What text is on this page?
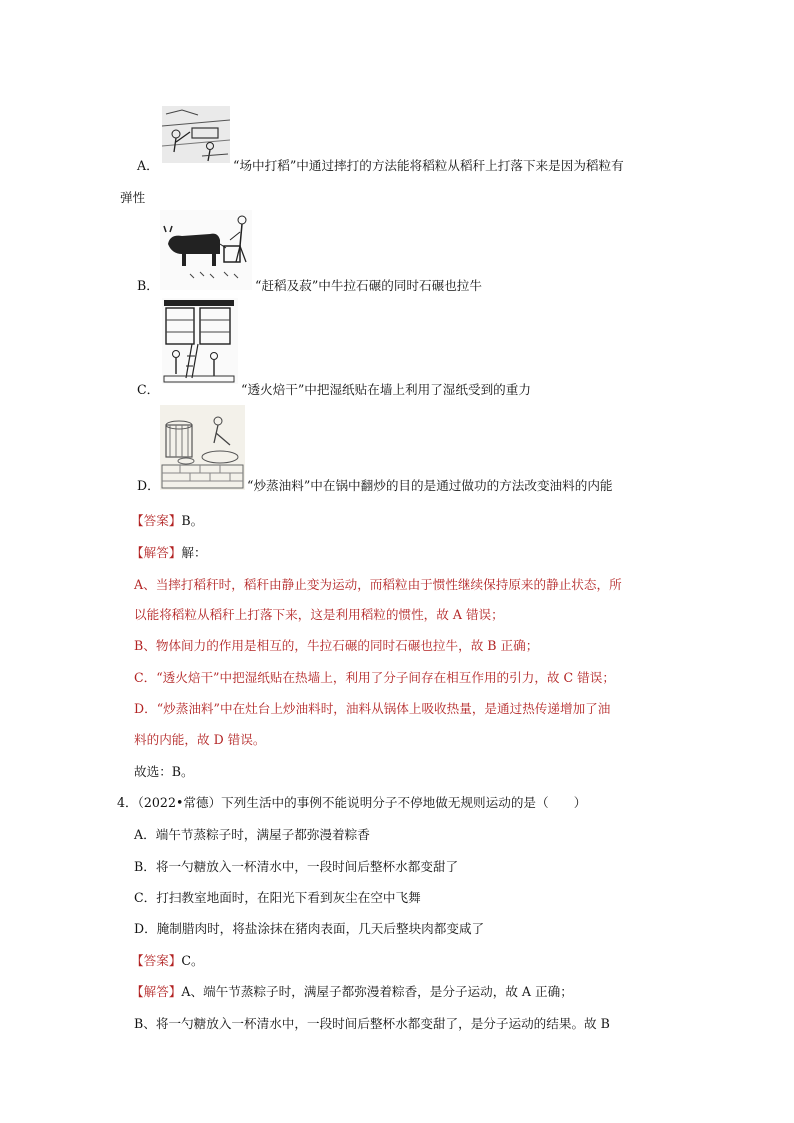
A．	“场中打稻”中通过摔打的方法能将稻粒从稻秆上打落下来是因为稻粒有
弹性
B．	“赶稻及菽”中牛拉石碾的同时石碾也拉牛
C．	“透火焙干”中把湿纸贴在墙上利用了湿纸受到的重力
D．	“炒蒸油料”中在锅中翻炒的目的是通过做功的方法改变油料的内能
【答案】B。
【解答】解：
A、当摔打稻秆时，稻秆由静止变为运动，而稻粒由于惯性继续保持原来的静止状态，所
以能将稻粒从稻秆上打落下来，这是利用稻粒的惯性，故 A 错误；
B、物体间力的作用是相互的，牛拉石碾的同时石碾也拉牛，故 B 正确；
C．“透火焙干”中把湿纸贴在热墙上，利用了分子间存在相互作用的引力，故 C 错误；
D．“炒蒸油料”中在灶台上炒油料时，油料从锅体上吸收热量，是通过热传递增加了油
料的内能，故 D 错误。
故选：B。
4．（2022•常德）下列生活中的事例不能说明分子不停地做无规则运动的是（　　）
A．端午节蒸粽子时，满屋子都弥漫着粽香
B．将一勺糖放入一杯清水中，一段时间后整杯水都变甜了
C．打扫教室地面时，在阳光下看到灰尘在空中飞舞
D．腌制腊肉时，将盐涂抹在猪肉表面，几天后整块肉都变咸了
【答案】C。
【解答】A、端午节蒸粽子时，满屋子都弥漫着粽香，是分子运动，故 A 正确；
B、将一勺糖放入一杯清水中，一段时间后整杯水都变甜了，是分子运动的结果。故 B
